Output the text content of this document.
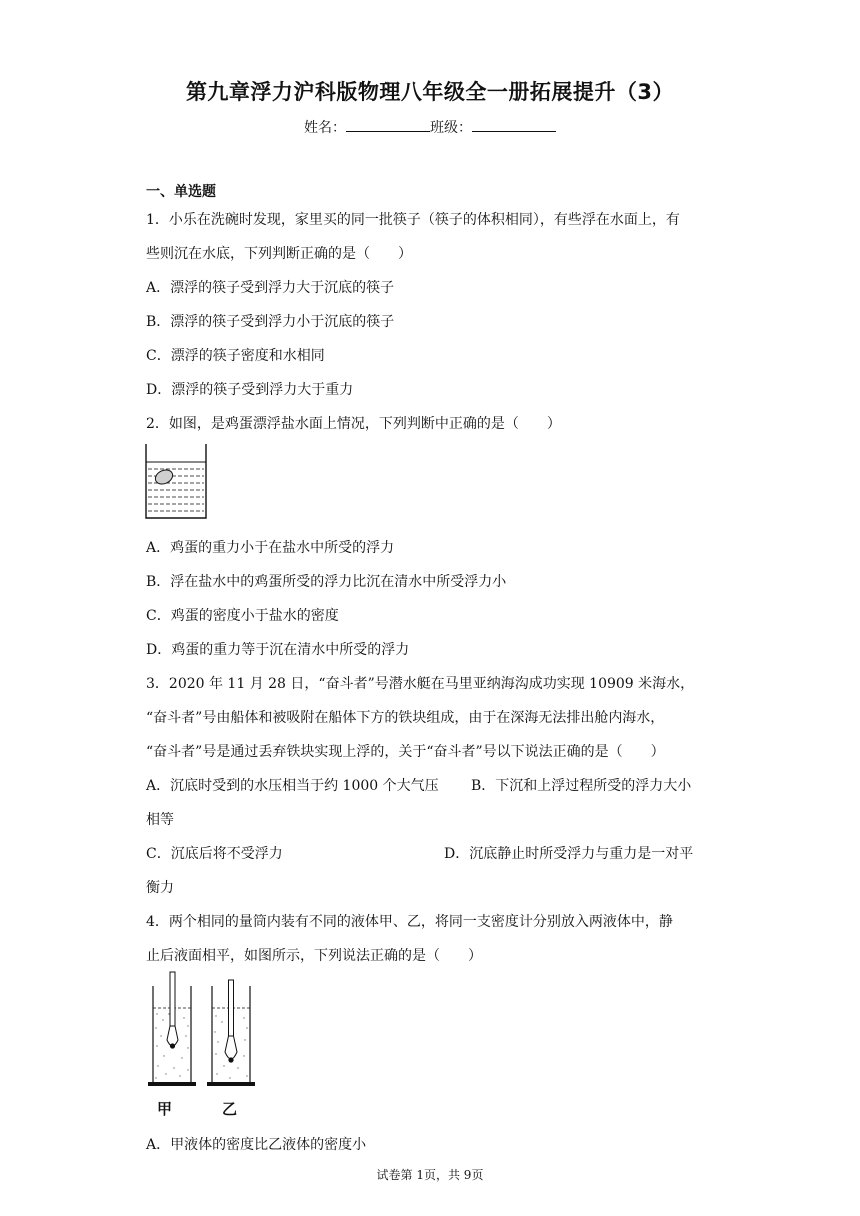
第九章浮力沪科版物理八年级全一册拓展提升（3）
姓名：	班级：
一、单选题
1．小乐在洗碗时发现，家里买的同一批筷子（筷子的体积相同），有些浮在水面上，有
些则沉在水底，下列判断正确的是（　　）
A．漂浮的筷子受到浮力大于沉底的筷子
B．漂浮的筷子受到浮力小于沉底的筷子
C．漂浮的筷子密度和水相同
D．漂浮的筷子受到浮力大于重力
2．如图，是鸡蛋漂浮盐水面上情况，下列判断中正确的是（　　）
A．鸡蛋的重力小于在盐水中所受的浮力
B．浮在盐水中的鸡蛋所受的浮力比沉在清水中所受浮力小
C．鸡蛋的密度小于盐水的密度
D．鸡蛋的重力等于沉在清水中所受的浮力
3．2020 年 11 月 28 日，“奋斗者”号潜水艇在马里亚纳海沟成功实现 10909 米海水，
“奋斗者”号由船体和被吸附在船体下方的铁块组成，由于在深海无法排出舱内海水，
“奋斗者”号是通过丢弃铁块实现上浮的，关于“奋斗者”号以下说法正确的是（　　）
A．沉底时受到的水压相当于约 1000 个大气压 B．下沉和上浮过程所受的浮力大小
相等
C．沉底后将不受浮力	D．沉底静止时所受浮力与重力是一对平
衡力
4．两个相同的量筒内装有不同的液体甲、乙，将同一支密度计分别放入两液体中，静
止后液面相平，如图所示，下列说法正确的是（　　）
甲	乙
A．甲液体的密度比乙液体的密度小
试卷第 1页，共 9页
